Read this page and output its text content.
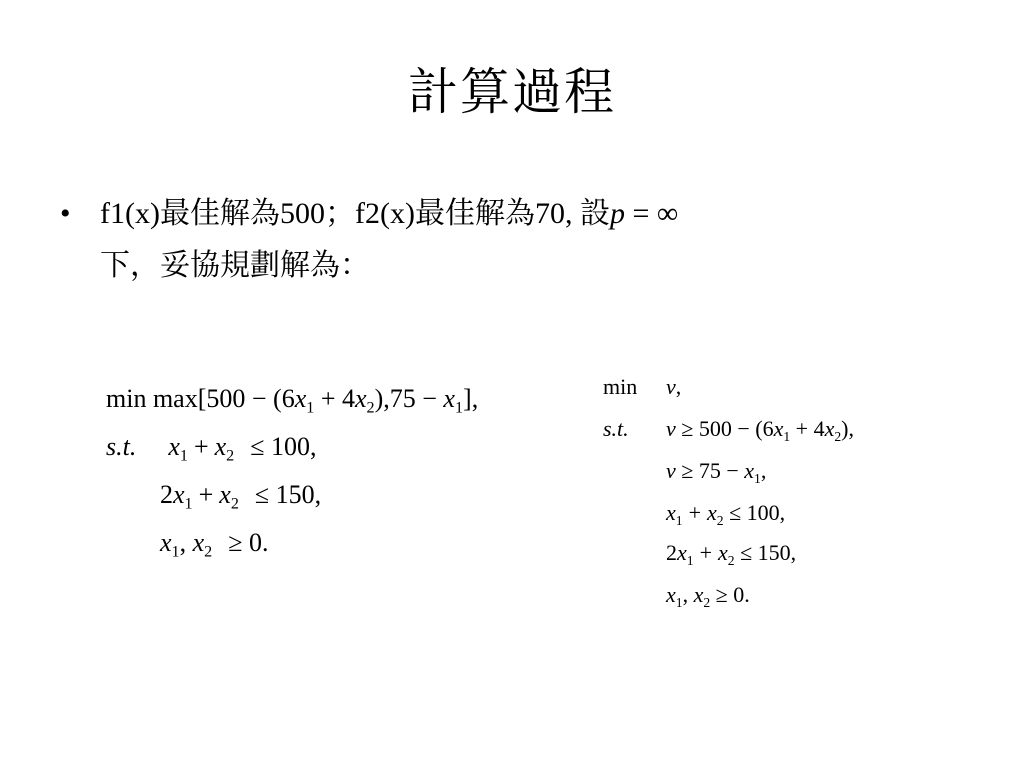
計算過程
• f1(x)最佳解為500；f2(x)最佳解為70, 設p = ∞
下，妥協規劃解為：
$\min \max[500 - (6x_1 + 4x_2),75 - x_1]$,
s.t. $x_1 + x_2 \le 100$,
$2x_1 + x_2 \le 150$,
$x_1$, $x_2 \ge 0$.
min v,
s.t. $v \ge 500 - (6x_1 + 4x_2)$,
$v \ge 75 - x_1$,
$x_1 + x_2 \le 100$,
$2x_1 + x_2 \le 150$,
$x_1$, $x_2 \ge 0$.
